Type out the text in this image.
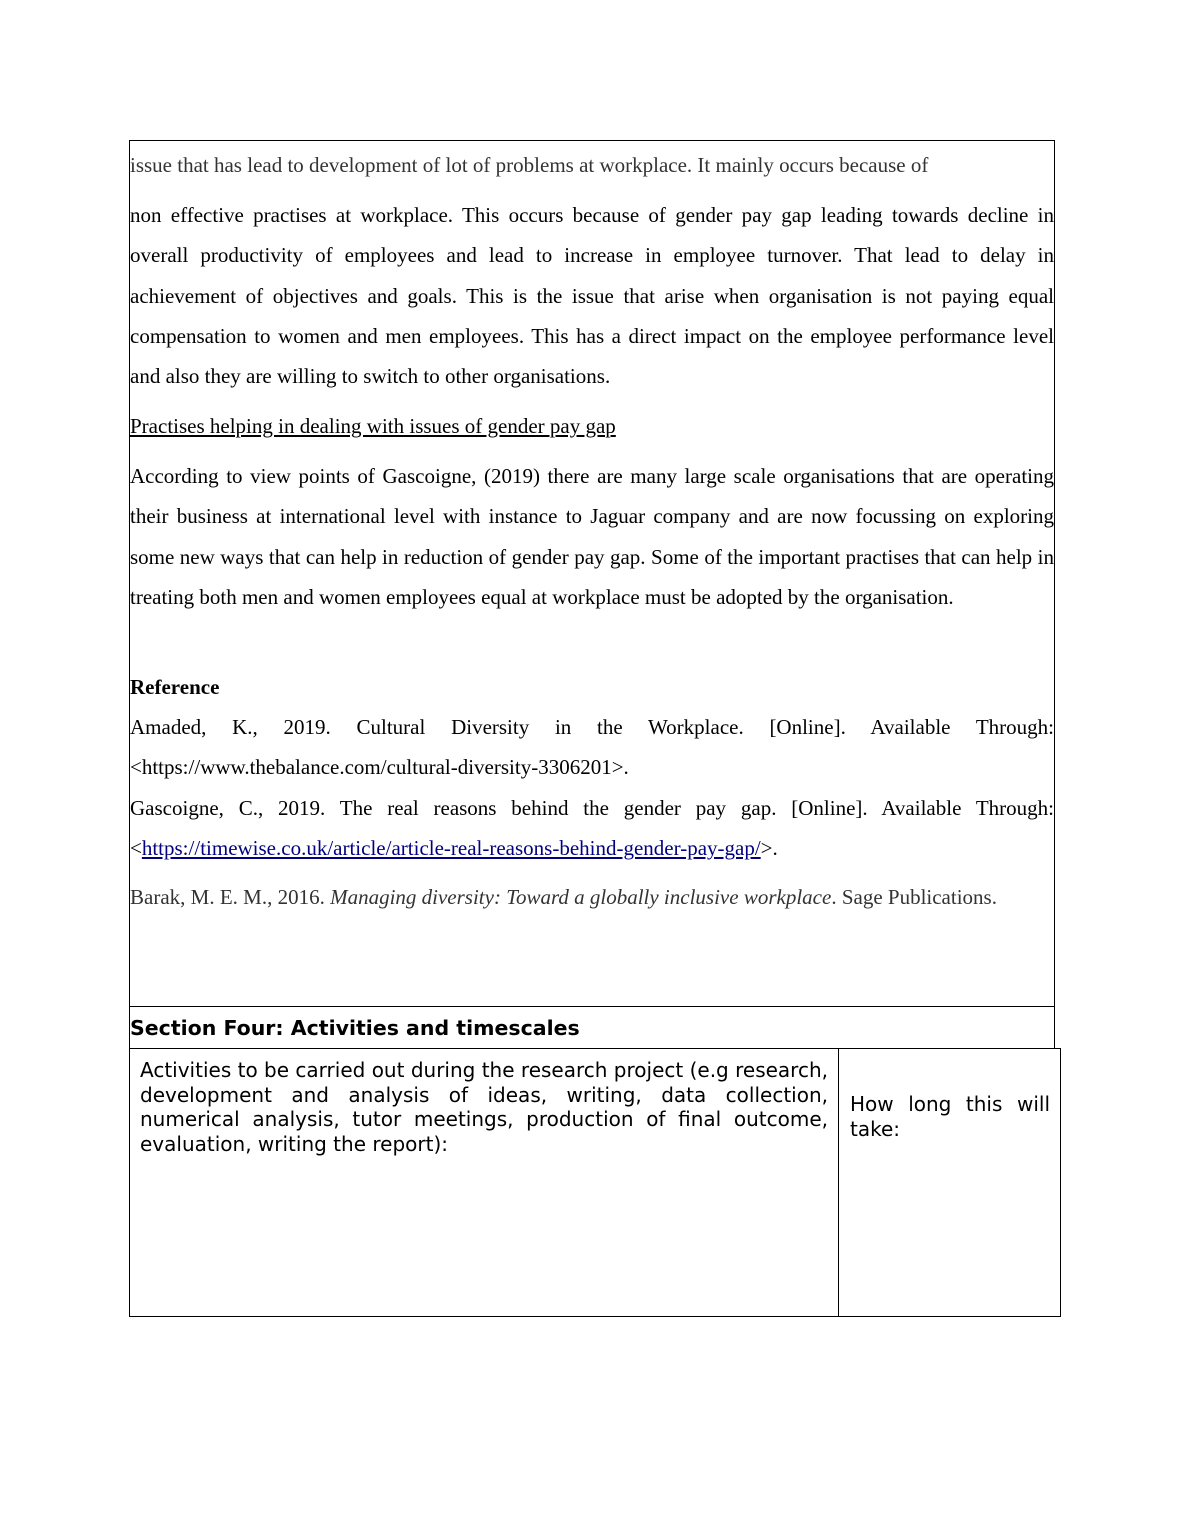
issue that has lead to development of lot of problems at workplace. It mainly occurs because of

non effective practises at workplace. This occurs because of gender pay gap leading towards decline in overall productivity of employees and lead to increase in employee turnover. That lead to delay in achievement of objectives and goals. This is the issue that arise when organisation is not paying equal compensation to women and men employees. This has a direct impact on the employee performance level and also they are willing to switch to other organisations.

Practises helping in dealing with issues of gender pay gap

According to view points of Gascoigne, (2019) there are many large scale organisations that are operating their business at international level with instance to Jaguar company and are now focussing on exploring some new ways that can help in reduction of gender pay gap. Some of the important practises that can help in treating both men and women employees equal at workplace must be adopted by the organisation.

Reference

Amaded, K., 2019. Cultural Diversity in the Workplace. [Online]. Available Through: <https://www.thebalance.com/cultural-diversity-3306201>.

Gascoigne, C., 2019. The real reasons behind the gender pay gap. [Online]. Available Through: <https://timewise.co.uk/article/article-real-reasons-behind-gender-pay-gap/>.

Barak, M. E. M., 2016. Managing diversity: Toward a globally inclusive workplace. Sage Publications.

Section Four: Activities and timescales

Activities to be carried out during the research project (e.g research, development and analysis of ideas, writing, data collection, numerical analysis, tutor meetings, production of final outcome, evaluation, writing the report):

How long this will take:
